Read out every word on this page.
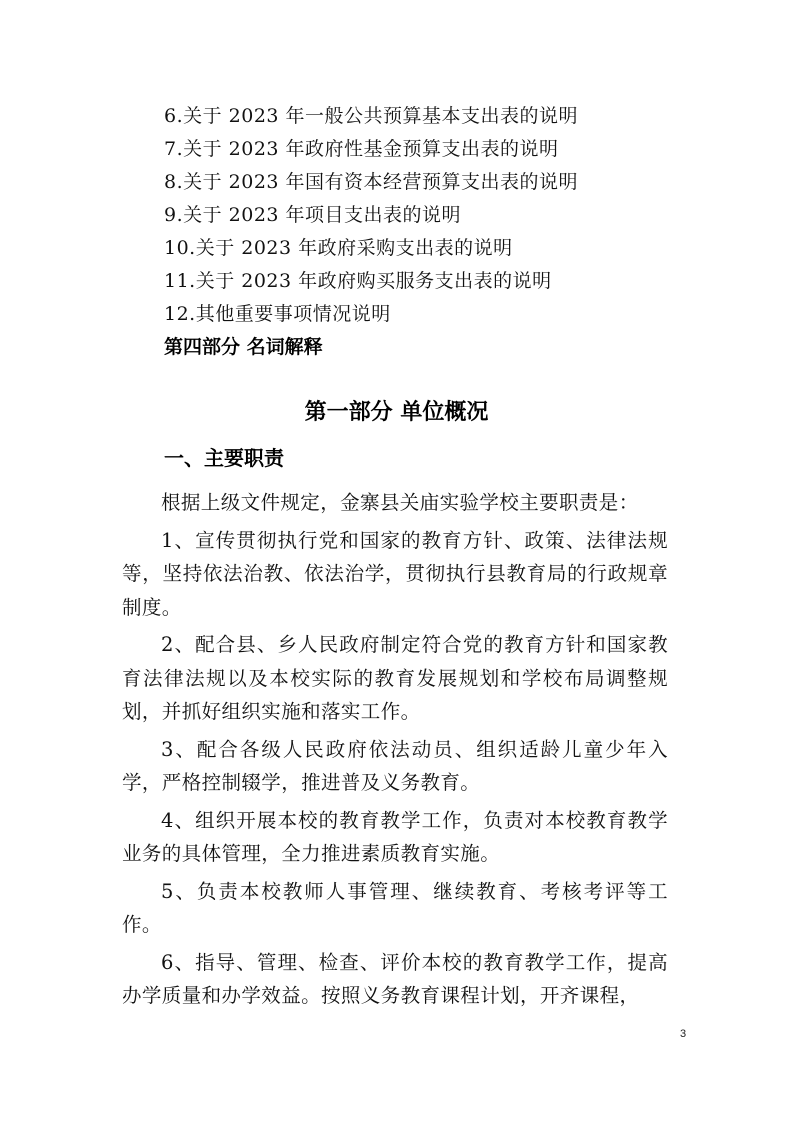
6.关于 2023 年一般公共预算基本支出表的说明
7.关于 2023 年政府性基金预算支出表的说明
8.关于 2023 年国有资本经营预算支出表的说明
9.关于 2023 年项目支出表的说明
10.关于 2023 年政府采购支出表的说明
11.关于 2023 年政府购买服务支出表的说明
12.其他重要事项情况说明
第四部分 名词解释
第一部分 单位概况
一、主要职责

根据上级文件规定，金寨县关庙实验学校主要职责是：

1、宣传贯彻执行党和国家的教育方针、政策、法律法规等，坚持依法治教、依法治学，贯彻执行县教育局的行政规章制度。

2、配合县、乡人民政府制定符合党的教育方针和国家教育法律法规以及本校实际的教育发展规划和学校布局调整规划，并抓好组织实施和落实工作。

3、配合各级人民政府依法动员、组织适龄儿童少年入学，严格控制辍学，推进普及义务教育。

4、组织开展本校的教育教学工作，负责对本校教育教学业务的具体管理，全力推进素质教育实施。

5、负责本校教师人事管理、继续教育、考核考评等工作。

6、指导、管理、检查、评价本校的教育教学工作，提高办学质量和办学效益。按照义务教育课程计划，开齐课程，

3
